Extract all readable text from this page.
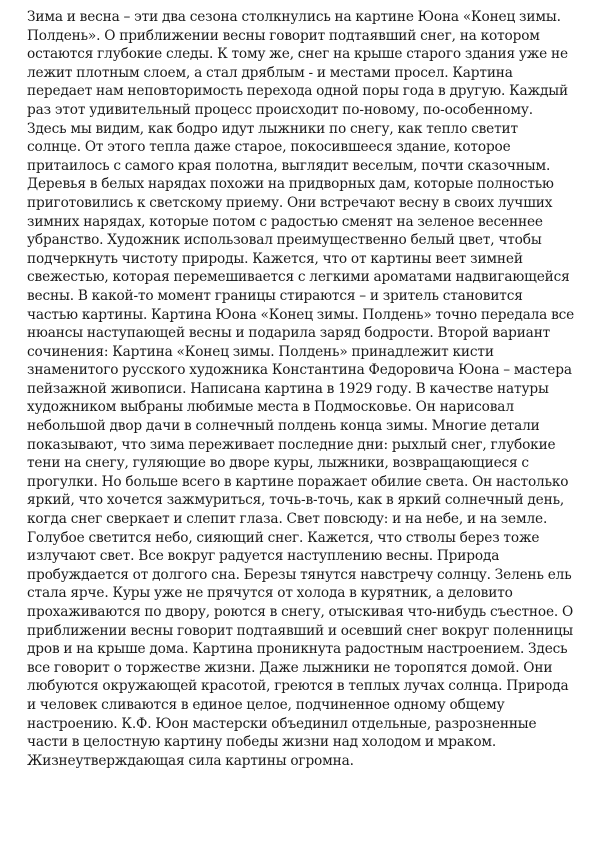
Зима и весна – эти два сезона столкнулись на картине Юона «Конец зимы. Полдень». О приближении весны говорит подтаявший снег, на котором остаются глубокие следы. К тому же, снег на крыше старого здания уже не лежит плотным слоем, а стал дряблым - и местами просел. Картина передает нам неповторимость перехода одной поры года в другую. Каждый раз этот удивительный процесс происходит по-новому, по-особенному. Здесь мы видим, как бодро идут лыжники по снегу, как тепло светит солнце. От этого тепла даже старое, покосившееся здание, которое притаилось с самого края полотна, выглядит веселым, почти сказочным. Деревья в белых нарядах похожи на придворных дам, которые полностью приготовились к светскому приему. Они встречают весну в своих лучших зимних нарядах, которые потом с радостью сменят на зеленое весеннее убранство. Художник использовал преимущественно белый цвет, чтобы подчеркнуть чистоту природы. Кажется, что от картины веет зимней свежестью, которая перемешивается с легкими ароматами надвигающейся весны. В какой-то момент границы стираются – и зритель становится частью картины. Картина Юона «Конец зимы. Полдень» точно передала все нюансы наступающей весны и подарила заряд бодрости. Второй вариант сочинения: Картина «Конец зимы. Полдень» принадлежит кисти знаменитого русского художника Константина Федоровича Юона – мастера пейзажной живописи. Написана картина в 1929 году. В качестве натуры художником выбраны любимые места в Подмосковье. Он нарисовал небольшой двор дачи в солнечный полдень конца зимы. Многие детали показывают, что зима переживает последние дни: рыхлый снег, глубокие тени на снегу, гуляющие во дворе куры, лыжники, возвращающиеся с прогулки. Но больше всего в картине поражает обилие света. Он настолько яркий, что хочется зажмуриться, точь-в-точь, как в яркий солнечный день, когда снег сверкает и слепит глаза. Свет повсюду: и на небе, и на земле. Голубое светится небо, сияющий снег. Кажется, что стволы берез тоже излучают свет. Все вокруг радуется наступлению весны. Природа пробуждается от долгого сна. Березы тянутся навстречу солнцу. Зелень ель стала ярче. Куры уже не прячутся от холода в курятник, а деловито прохаживаются по двору, роются в снегу, отыскивая что-нибудь съестное. О приближении весны говорит подтаявший и осевший снег вокруг поленницы дров и на крыше дома. Картина проникнута радостным настроением. Здесь все говорит о торжестве жизни. Даже лыжники не торопятся домой. Они любуются окружающей красотой, греются в теплых лучах солнца. Природа и человек сливаются в единое целое, подчиненное одному общему настроению. К.Ф. Юон мастерски объединил отдельные, разрозненные части в целостную картину победы жизни над холодом и мраком. Жизнеутверждающая сила картины огромна.
